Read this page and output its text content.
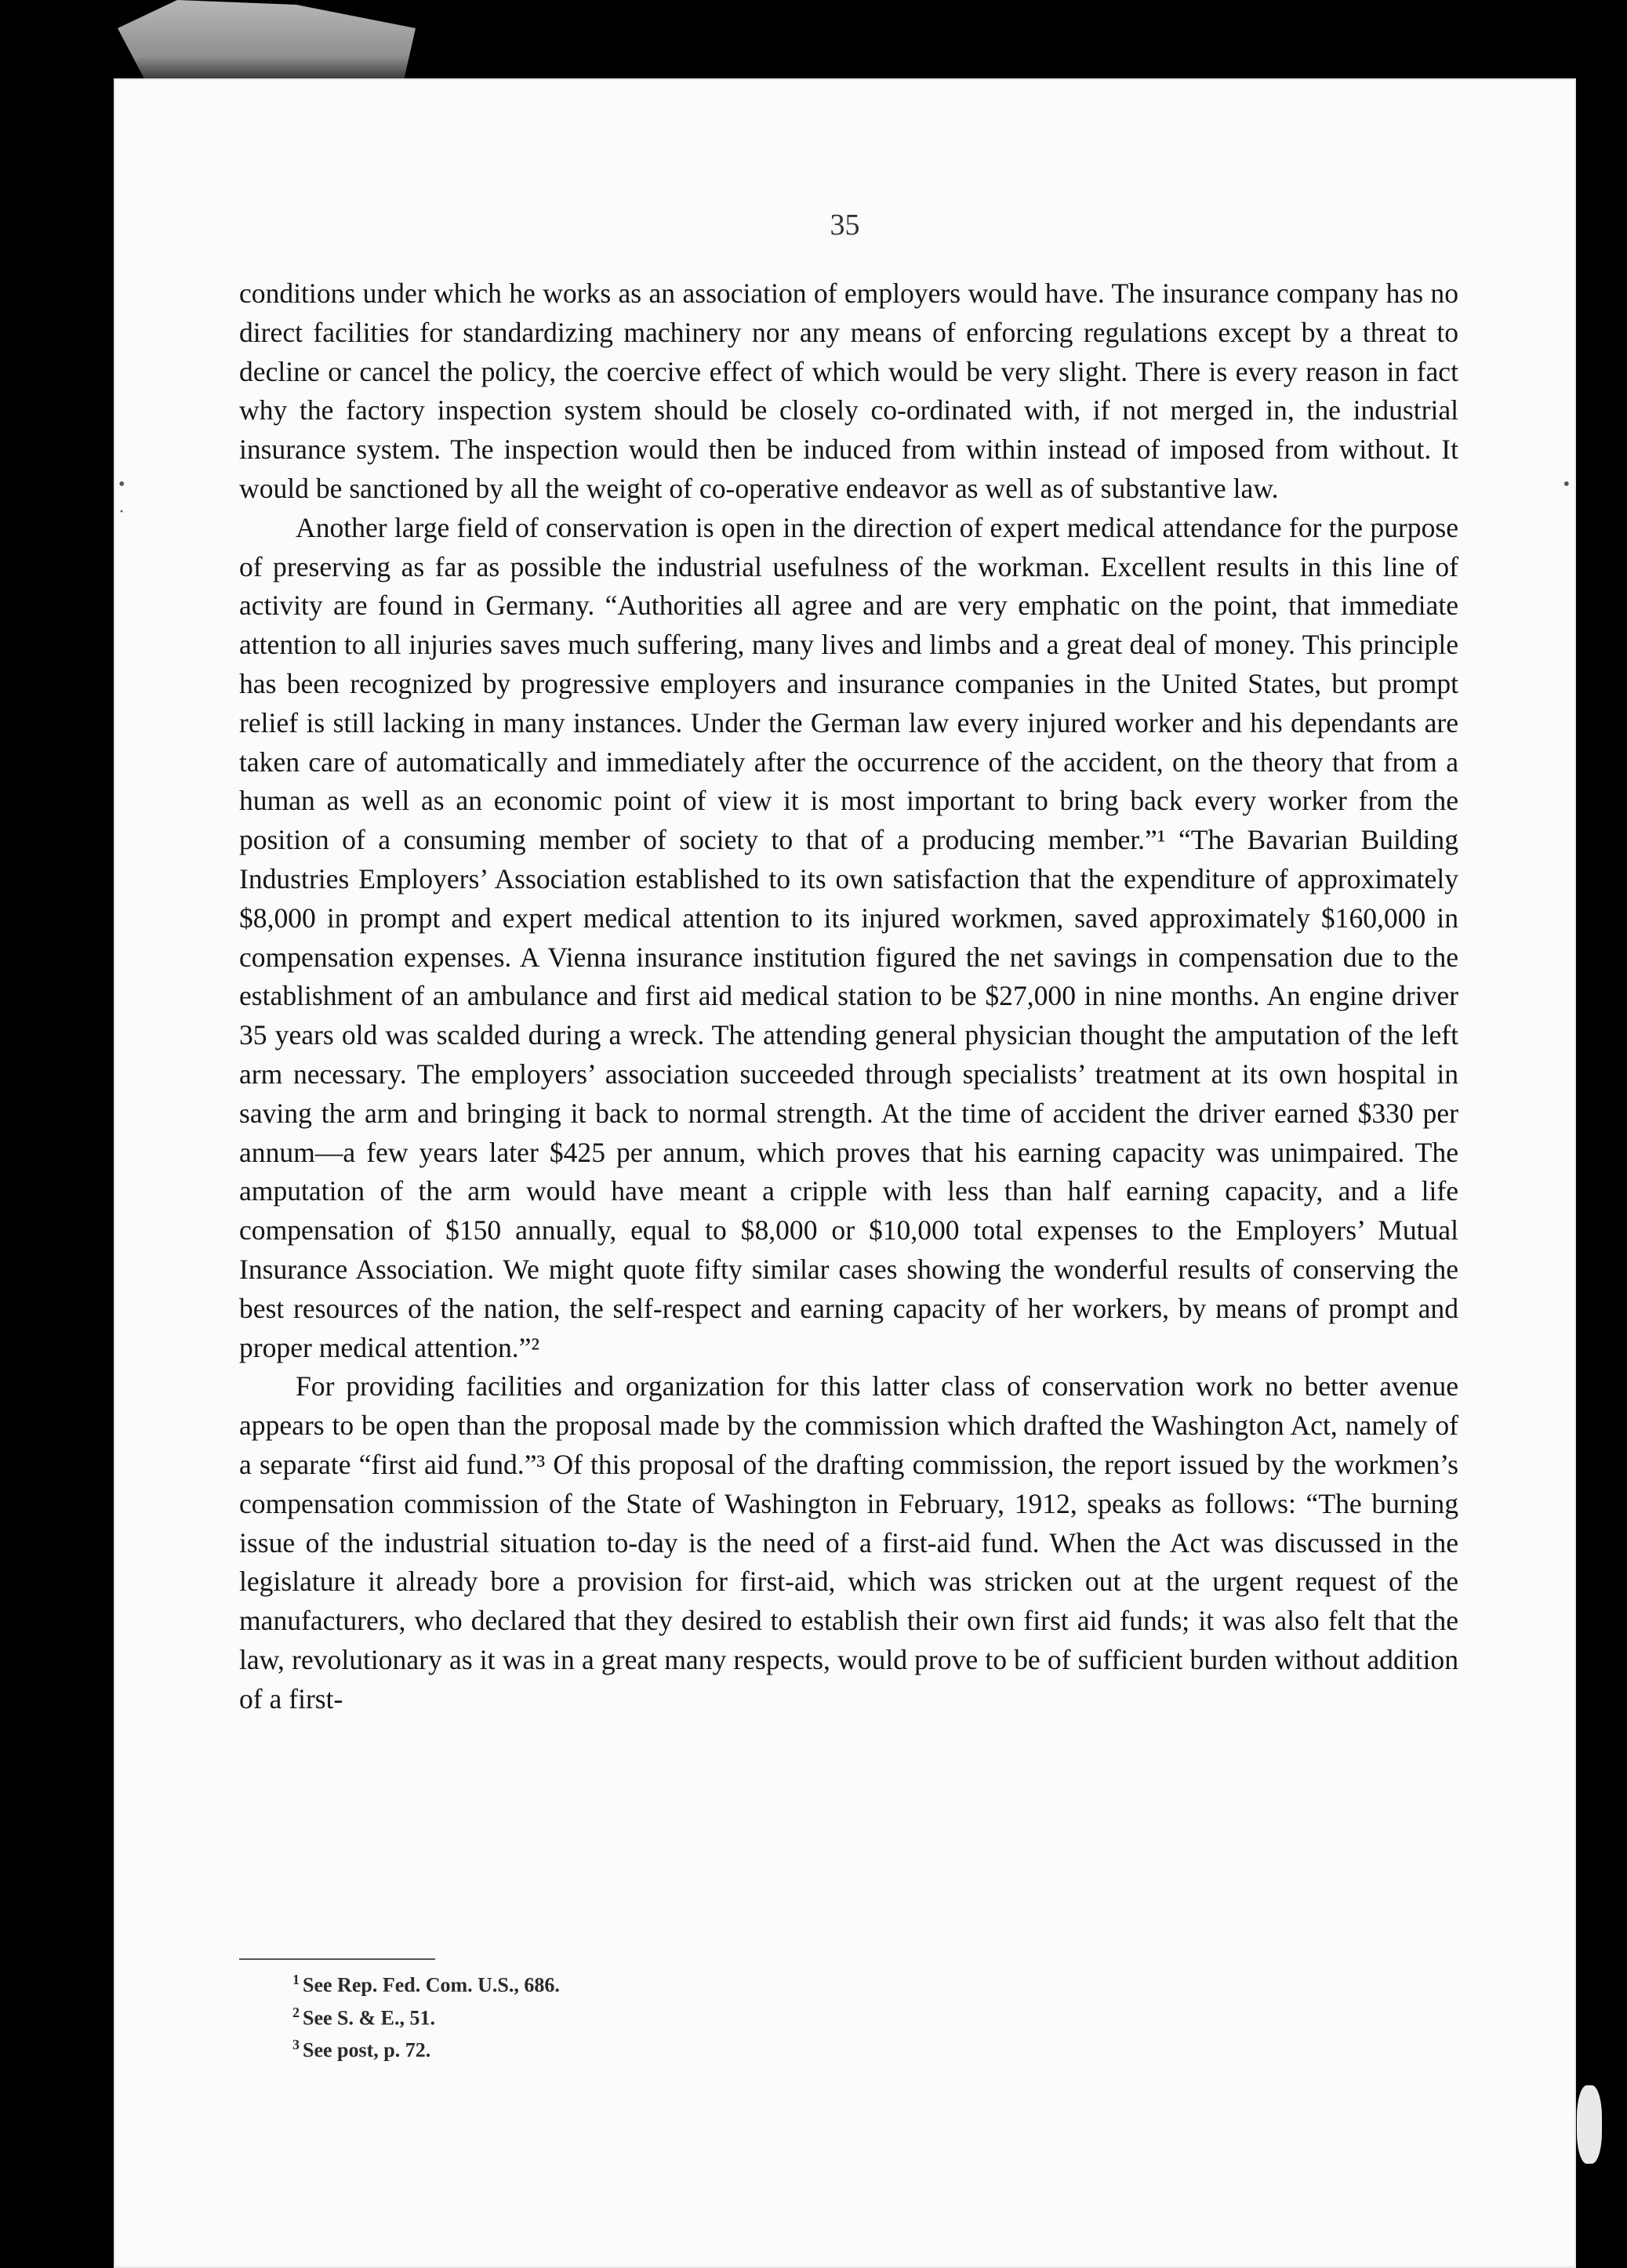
35

conditions under which he works as an association of employers would have. The insurance company has no direct facilities for standardizing machinery nor any means of enforcing regulations except by a threat to decline or cancel the policy, the coercive effect of which would be very slight. There is every reason in fact why the factory inspection system should be closely co-ordinated with, if not merged in, the industrial insurance system. The inspection would then be induced from within instead of imposed from without. It would be sanctioned by all the weight of co-operative endeavor as well as of substantive law.

Another large field of conservation is open in the direction of expert medical attendance for the purpose of preserving as far as possible the industrial usefulness of the workman. Excellent results in this line of activity are found in Germany. “Authorities all agree and are very emphatic on the point, that immediate attention to all injuries saves much suffering, many lives and limbs and a great deal of money. This principle has been recognized by progressive employers and insurance companies in the United States, but prompt relief is still lacking in many instances. Under the German law every injured worker and his dependants are taken care of automatically and immediately after the occurrence of the accident, on the theory that from a human as well as an economic point of view it is most important to bring back every worker from the position of a consuming member of society to that of a producing member.”¹ “The Bavarian Building Industries Employers’ Association established to its own satisfaction that the expenditure of approximately $8,000 in prompt and expert medical attention to its injured workmen, saved approximately $160,000 in compensation expenses. A Vienna insurance institution figured the net savings in compensation due to the establishment of an ambulance and first aid medical station to be $27,000 in nine months. An engine driver 35 years old was scalded during a wreck. The attending general physician thought the amputation of the left arm necessary. The employers’ association succeeded through specialists’ treatment at its own hospital in saving the arm and bringing it back to normal strength. At the time of accident the driver earned $330 per annum—a few years later $425 per annum, which proves that his earning capacity was unimpaired. The amputation of the arm would have meant a cripple with less than half earning capacity, and a life compensation of $150 annually, equal to $8,000 or $10,000 total expenses to the Employers’ Mutual Insurance Association. We might quote fifty similar cases showing the wonderful results of conserving the best resources of the nation, the self-respect and earning capacity of her workers, by means of prompt and proper medical attention.”²

For providing facilities and organization for this latter class of conservation work no better avenue appears to be open than the proposal made by the commission which drafted the Washington Act, namely of a separate “first aid fund.”³ Of this proposal of the drafting commission, the report issued by the workmen’s compensation commission of the State of Washington in February, 1912, speaks as follows: “The burning issue of the industrial situation to-day is the need of a first-aid fund. When the Act was discussed in the legislature it already bore a provision for first-aid, which was stricken out at the urgent request of the manufacturers, who declared that they desired to establish their own first aid funds; it was also felt that the law, revolutionary as it was in a great many respects, would prove to be of sufficient burden without addition of a first-

$^1$ See Rep. Fed. Com. U.S., 686.
$^2$ See S. & E., 51.
$^3$ See post, p. 72.
•
·
•
